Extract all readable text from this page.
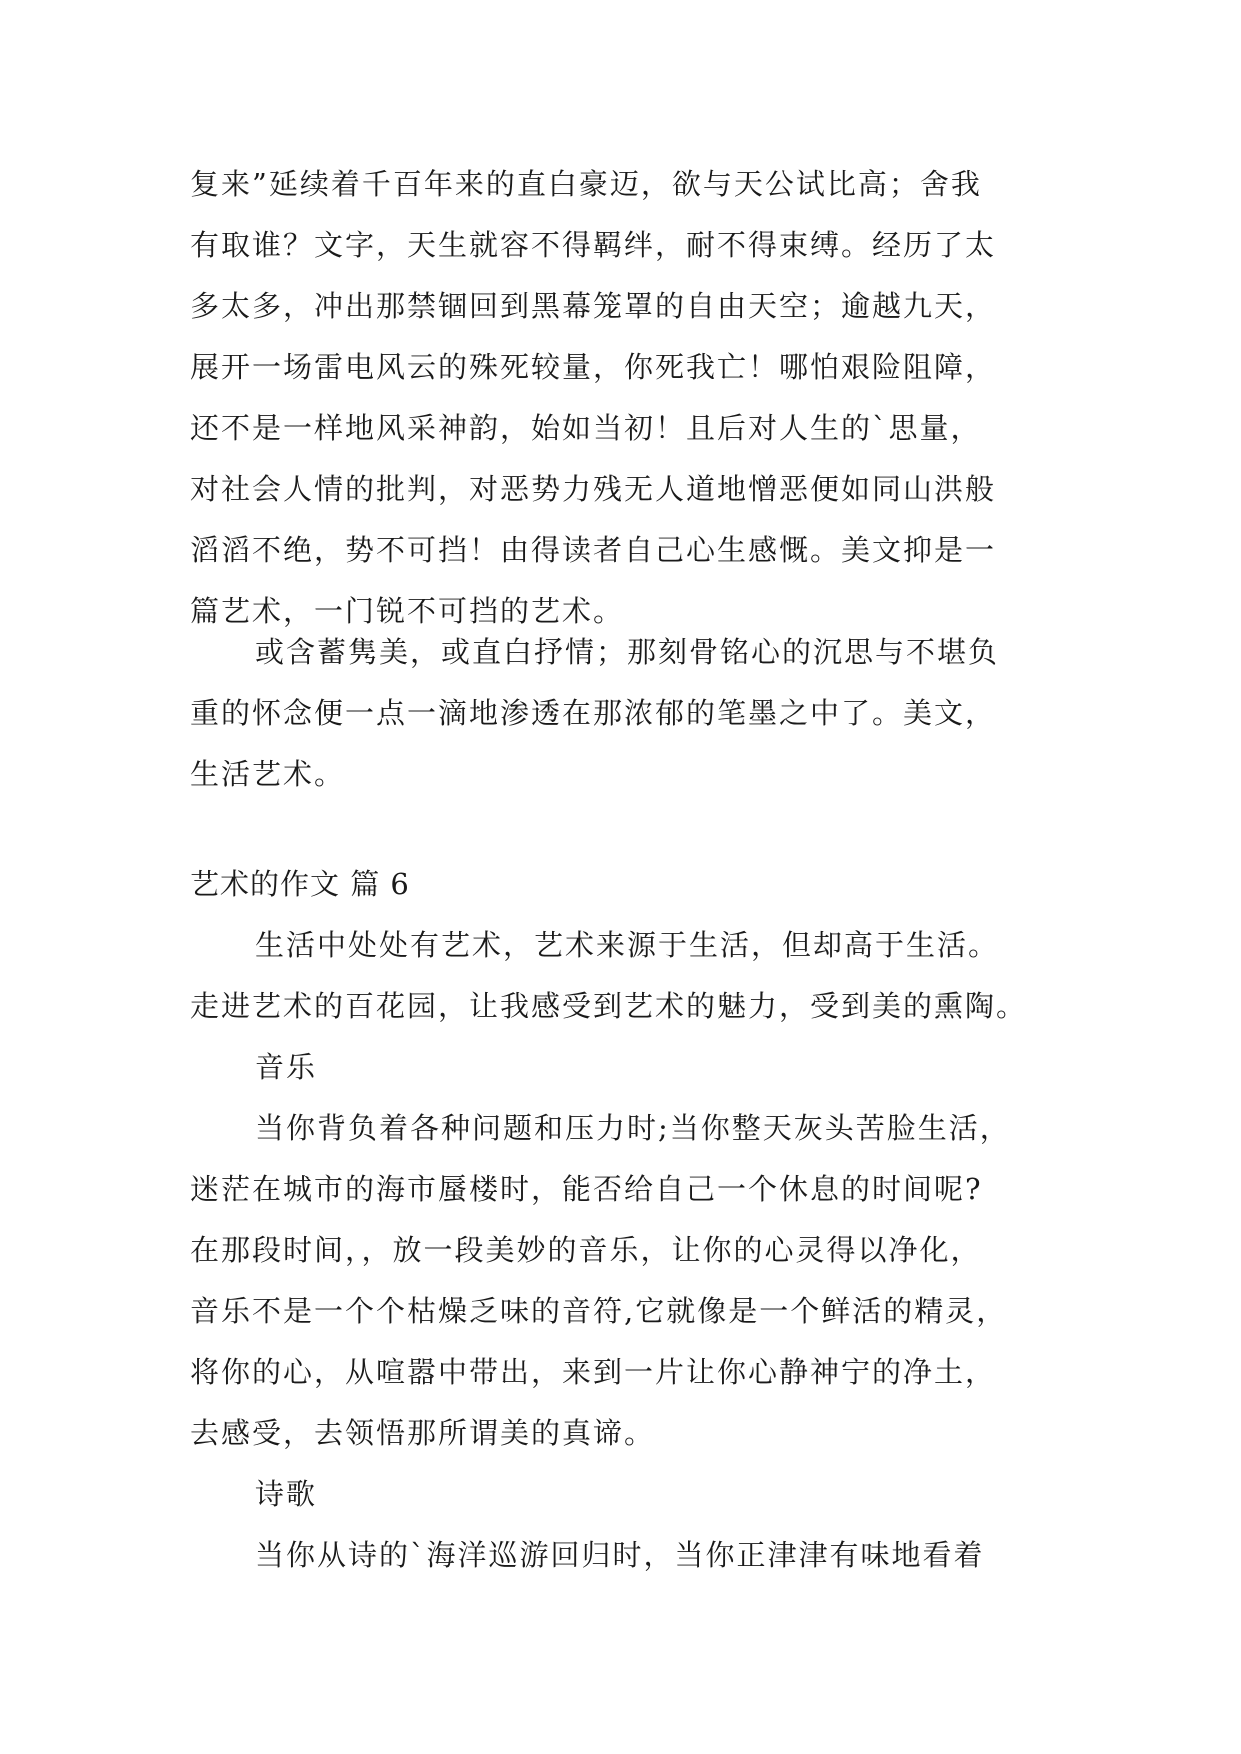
复来”延续着千百年来的直白豪迈，欲与天公试比高；舍我
有取谁？文字，天生就容不得羁绊，耐不得束缚。经历了太
多太多，冲出那禁锢回到黑幕笼罩的自由天空；逾越九天，
展开一场雷电风云的殊死较量，你死我亡！哪怕艰险阻障，
还不是一样地风采神韵，始如当初！且后对人生的`思量，
对社会人情的批判，对恶势力残无人道地憎恶便如同山洪般
滔滔不绝，势不可挡！由得读者自己心生感慨。美文抑是一
篇艺术，一门锐不可挡的艺术。
或含蓄隽美，或直白抒情；那刻骨铭心的沉思与不堪负
重的怀念便一点一滴地渗透在那浓郁的笔墨之中了。美文，
生活艺术。
艺术的作文 篇 6
生活中处处有艺术，艺术来源于生活，但却高于生活。
走进艺术的百花园，让我感受到艺术的魅力，受到美的熏陶。
音乐
当你背负着各种问题和压力时;当你整天灰头苦脸生活，
迷茫在城市的海市蜃楼时，能否给自己一个休息的时间呢?
在那段时间，，放一段美妙的音乐，让你的心灵得以净化，
音乐不是一个个枯燥乏味的音符,它就像是一个鲜活的精灵，
将你的心，从喧嚣中带出，来到一片让你心静神宁的净土，
去感受，去领悟那所谓美的真谛。
诗歌
当你从诗的`海洋巡游回归时，当你正津津有味地看着
